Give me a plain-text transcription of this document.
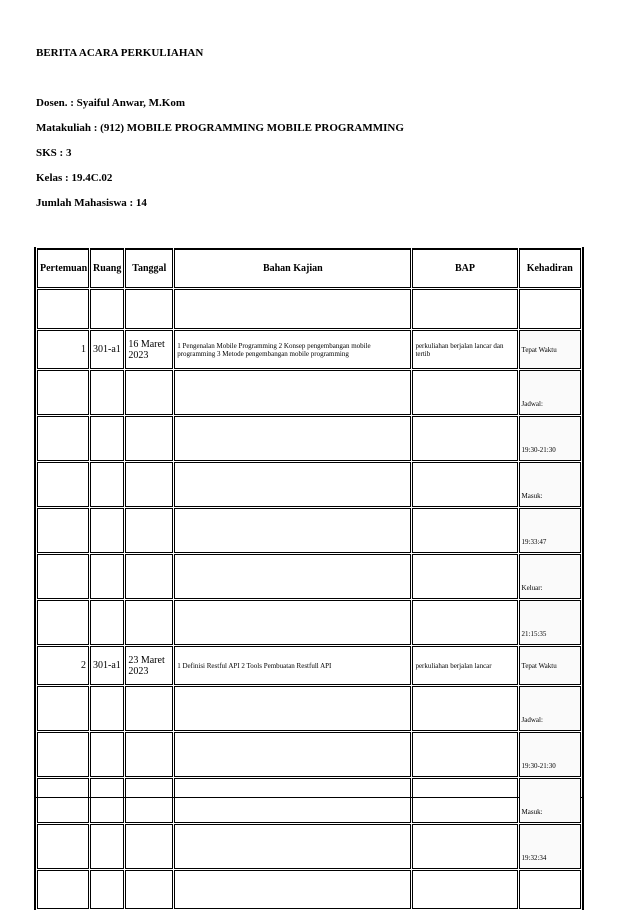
BERITA ACARA PERKULIAHAN
Dosen. : Syaiful Anwar, M.Kom
Matakuliah : (912) MOBILE PROGRAMMING MOBILE PROGRAMMING
SKS : 3
Kelas : 19.4C.02
Jumlah Mahasiswa : 14
Pertemuan	Ruang	Tanggal	Bahan Kajian	BAP	Kehadiran

1	301-a1	16 Maret 2023	1 Pengenalan Mobile Programming 2 Konsep pengembangan mobile programming 3 Metode pengembangan mobile programming	perkuliahan berjalan lancar dan tertib	Tepat Waktu
					Jadwal:
					19:30-21:30
					Masuk:
					19:33:47
					Keluar:
					21:15:35
2	301-a1	23 Maret 2023	1 Definisi Restful API 2 Tools Pembuatan Restfull API	perkuliahan berjalan lancar	Tepat Waktu
					Jadwal:
					19:30-21:30
					Masuk:
					19:32:34
